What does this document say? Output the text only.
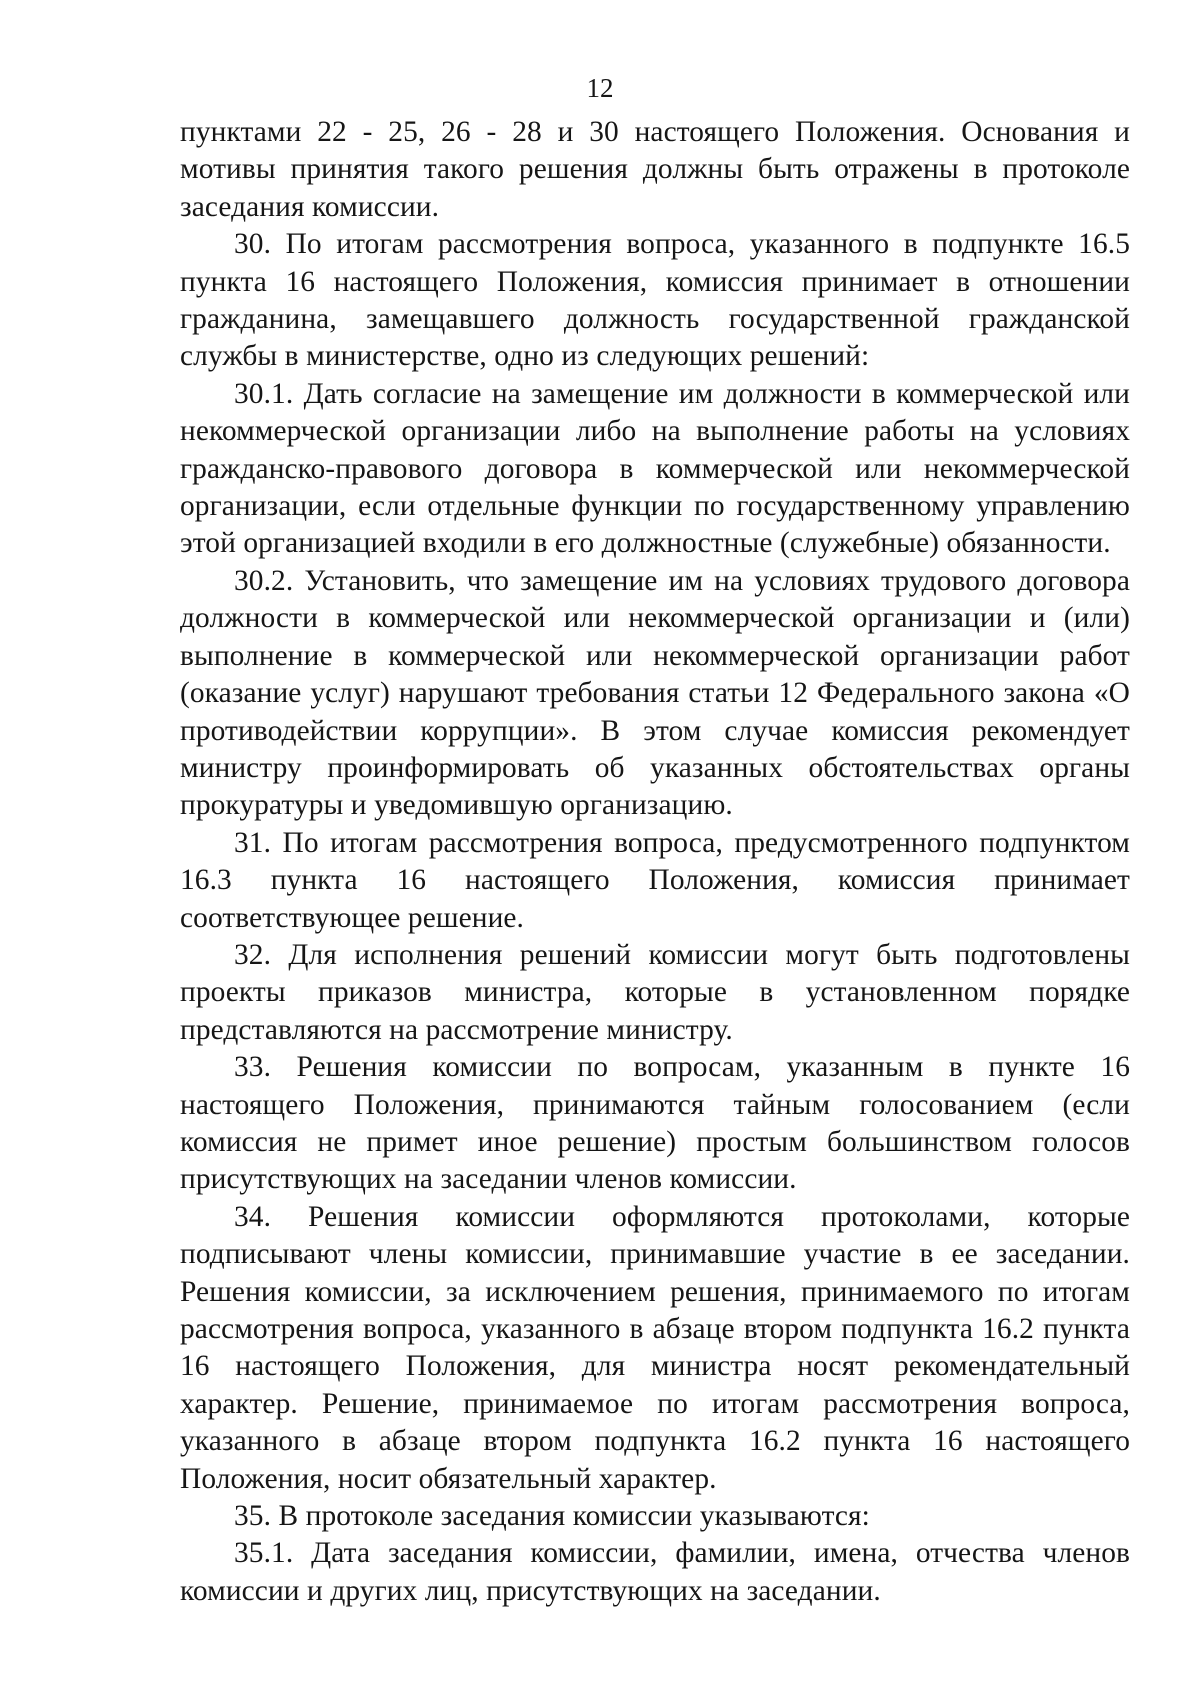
12

пунктами 22 - 25, 26 - 28 и 30 настоящего Положения. Основания и мотивы принятия такого решения должны быть отражены в протоколе заседания комиссии.

30. По итогам рассмотрения вопроса, указанного в подпункте 16.5 пункта 16 настоящего Положения, комиссия принимает в отношении гражданина, замещавшего должность государственной гражданской службы в министерстве, одно из следующих решений:

30.1. Дать согласие на замещение им должности в коммерческой или некоммерческой организации либо на выполнение работы на условиях гражданско-правового договора в коммерческой или некоммерческой организации, если отдельные функции по государственному управлению этой организацией входили в его должностные (служебные) обязанности.

30.2. Установить, что замещение им на условиях трудового договора должности в коммерческой или некоммерческой организации и (или) выполнение в коммерческой или некоммерческой организации работ (оказание услуг) нарушают требования статьи 12 Федерального закона «О противодействии коррупции». В этом случае комиссия рекомендует министру проинформировать об указанных обстоятельствах органы прокуратуры и уведомившую организацию.

31. По итогам рассмотрения вопроса, предусмотренного подпунктом 16.3 пункта 16 настоящего Положения, комиссия принимает соответствующее решение.

32. Для исполнения решений комиссии могут быть подготовлены проекты приказов министра, которые в установленном порядке представляются на рассмотрение министру.

33. Решения комиссии по вопросам, указанным в пункте 16 настоящего Положения, принимаются тайным голосованием (если комиссия не примет иное решение) простым большинством голосов присутствующих на заседании членов комиссии.

34. Решения комиссии оформляются протоколами, которые подписывают члены комиссии, принимавшие участие в ее заседании. Решения комиссии, за исключением решения, принимаемого по итогам рассмотрения вопроса, указанного в абзаце втором подпункта 16.2 пункта 16 настоящего Положения, для министра носят рекомендательный характер. Решение, принимаемое по итогам рассмотрения вопроса, указанного в абзаце втором подпункта 16.2 пункта 16 настоящего Положения, носит обязательный характер.

35. В протоколе заседания комиссии указываются:

35.1. Дата заседания комиссии, фамилии, имена, отчества членов комиссии и других лиц, присутствующих на заседании.
